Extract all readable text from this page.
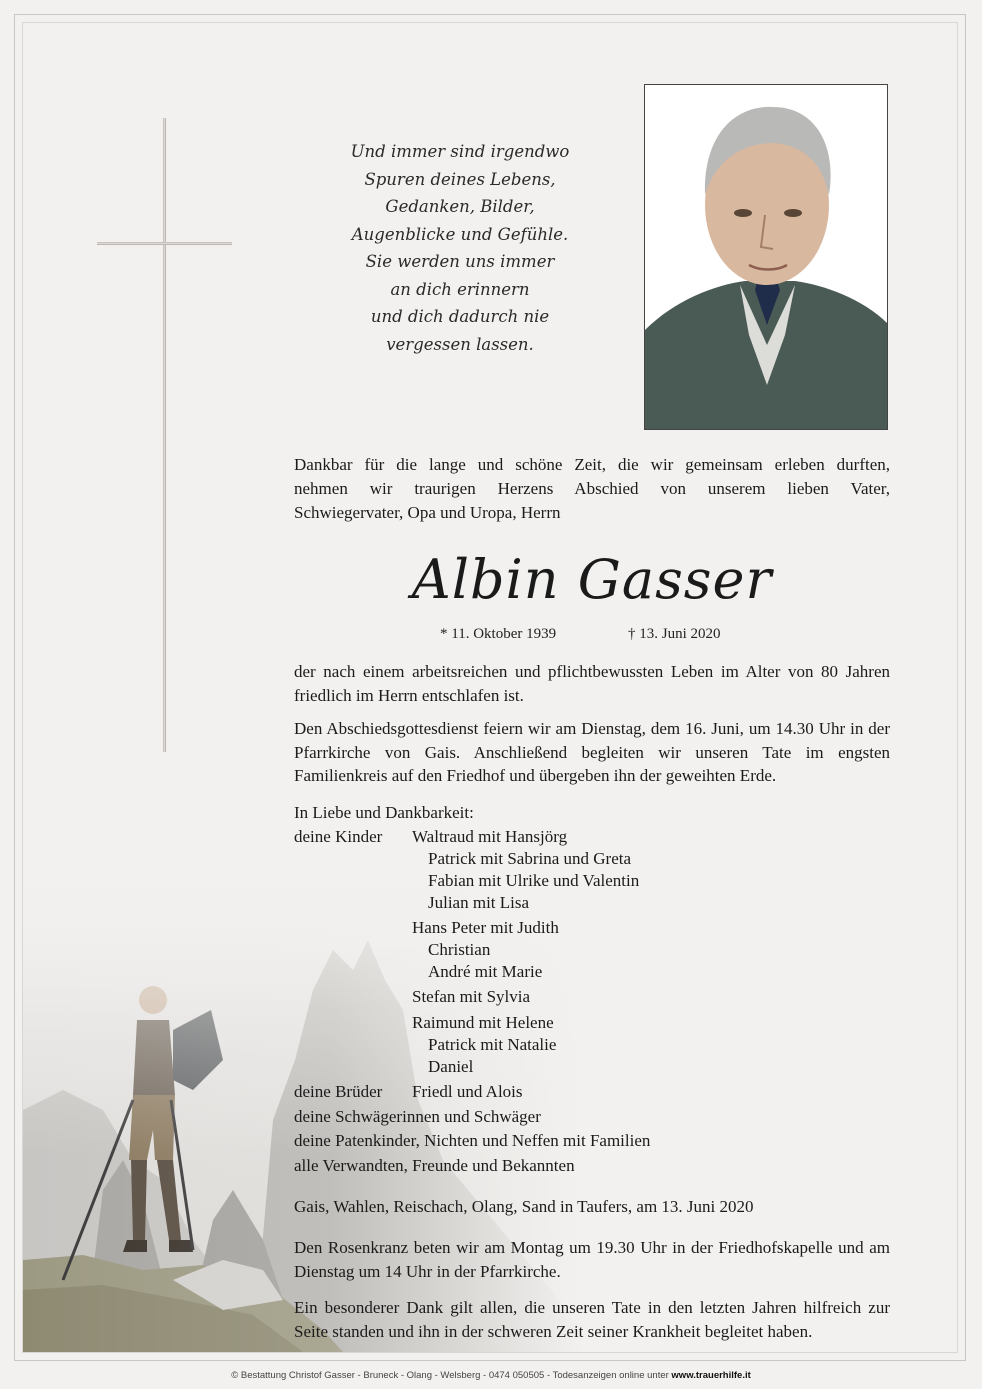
Und immer sind irgendwo
Spuren deines Lebens,
Gedanken, Bilder,
Augenblicke und Gefühle.
Sie werden uns immer
an dich erinnern
und dich dadurch nie
vergessen lassen.
Dankbar für die lange und schöne Zeit, die wir gemeinsam erleben durften,
nehmen wir traurigen Herzens Abschied von unserem lieben Vater,
Schwiegervater, Opa und Uropa, Herrn
Albin Gasser
* 11. Oktober 1939	† 13. Juni 2020
der nach einem arbeitsreichen und pflichtbewussten Leben im Alter von 80 Jahren friedlich im Herrn entschlafen ist.
Den Abschiedsgottesdienst feiern wir am Dienstag, dem 16. Juni, um 14.30 Uhr in der Pfarrkirche von Gais. Anschließend begleiten wir unseren Tate im engsten Familienkreis auf den Friedhof und übergeben ihn der geweihten Erde.
In Liebe und Dankbarkeit:
deine Kinder Waltraud mit Hansjörg
Patrick mit Sabrina und Greta
Fabian mit Ulrike und Valentin
Julian mit Lisa
Hans Peter mit Judith
Christian
André mit Marie
Stefan mit Sylvia
Raimund mit Helene
Patrick mit Natalie
Daniel
deine Brüder Friedl und Alois
deine Schwägerinnen und Schwäger
deine Patenkinder, Nichten und Neffen mit Familien
alle Verwandten, Freunde und Bekannten
Gais, Wahlen, Reischach, Olang, Sand in Taufers, am 13. Juni 2020
Den Rosenkranz beten wir am Montag um 19.30 Uhr in der Friedhofskapelle und am Dienstag um 14 Uhr in der Pfarrkirche.
Ein besonderer Dank gilt allen, die unseren Tate in den letzten Jahren hilfreich zur Seite standen und ihn in der schweren Zeit seiner Krankheit begleitet haben.
© Bestattung Christof Gasser - Bruneck - Olang - Welsberg - 0474 050505 - Todesanzeigen online unter www.trauerhilfe.it
